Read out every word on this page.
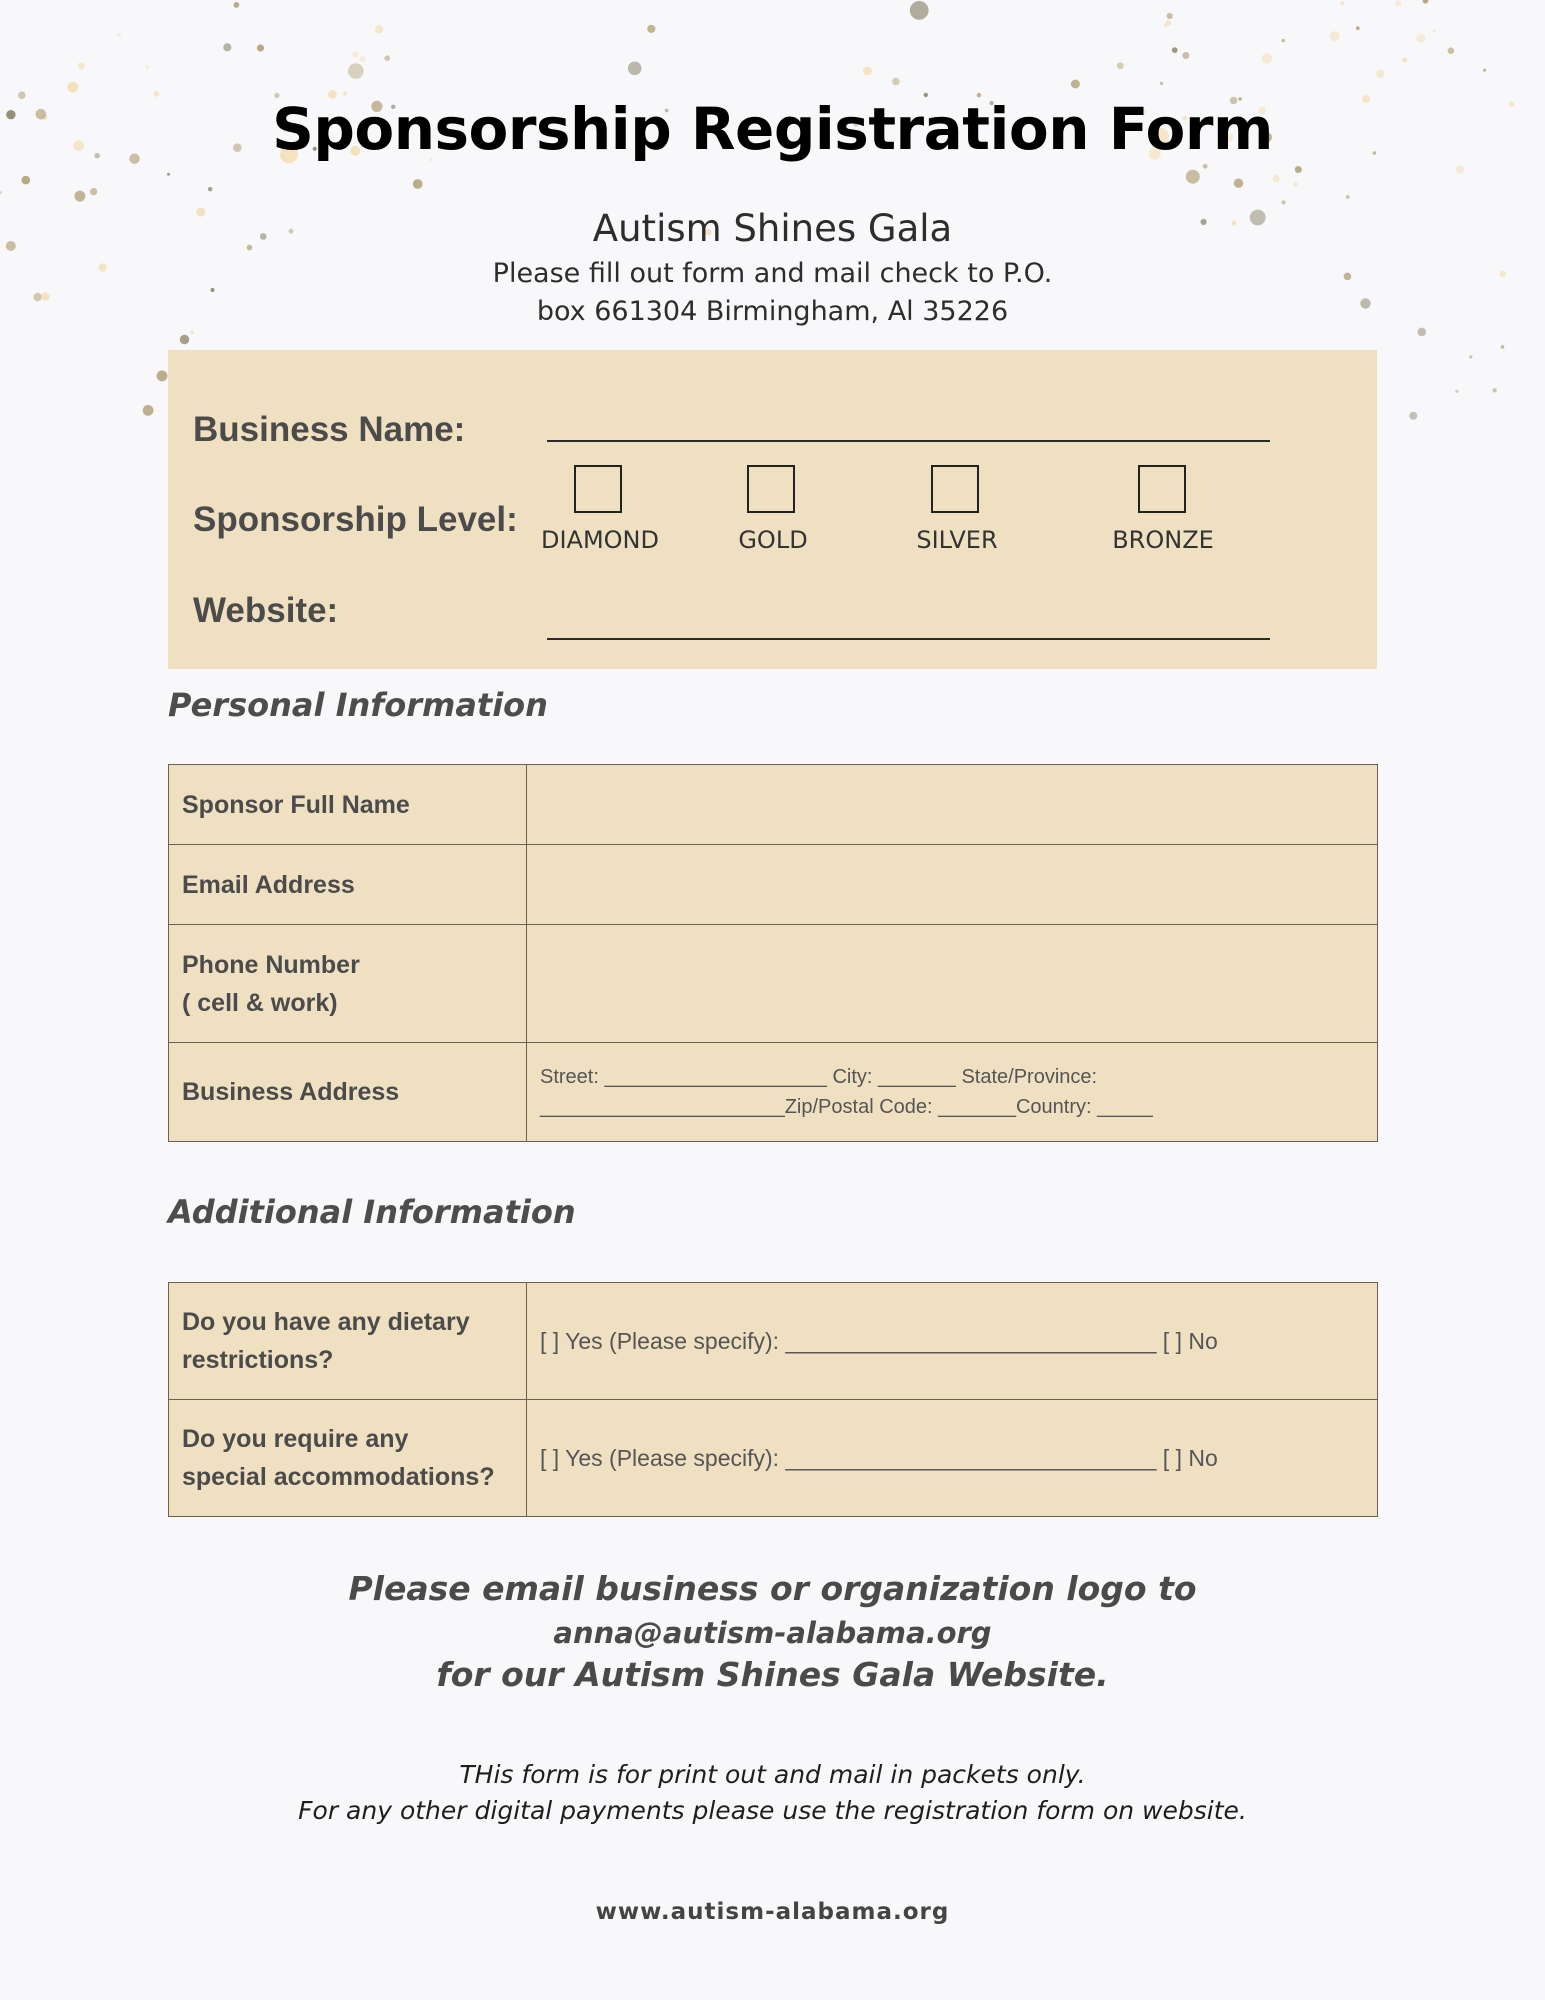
Sponsorship Registration Form
Autism Shines Gala
Please fill out form and mail check to P.O.
box 661304 Birmingham, Al 35226
Business Name:
Sponsorship Level:
DIAMOND	GOLD	SILVER	BRONZE
Website:
Personal Information
Sponsor Full Name	
Email Address	

Phone Number
( cell & work)	

Business Address	Street: ____________________ City: _______ State/Province:
______________________Zip/Postal Code: _______Country: _____
Additional Information
Do you have any dietary
restrictions?	[ ] Yes (Please specify): _____________________________ [ ] No

Do you require any
special accommodations?	[ ] Yes (Please specify): _____________________________ [ ] No
Please email business or organization logo to
anna@autism-alabama.org
for our Autism Shines Gala Website.
THis form is for print out and mail in packets only.
For any other digital payments please use the registration form on website.
www.autism-alabama.org
